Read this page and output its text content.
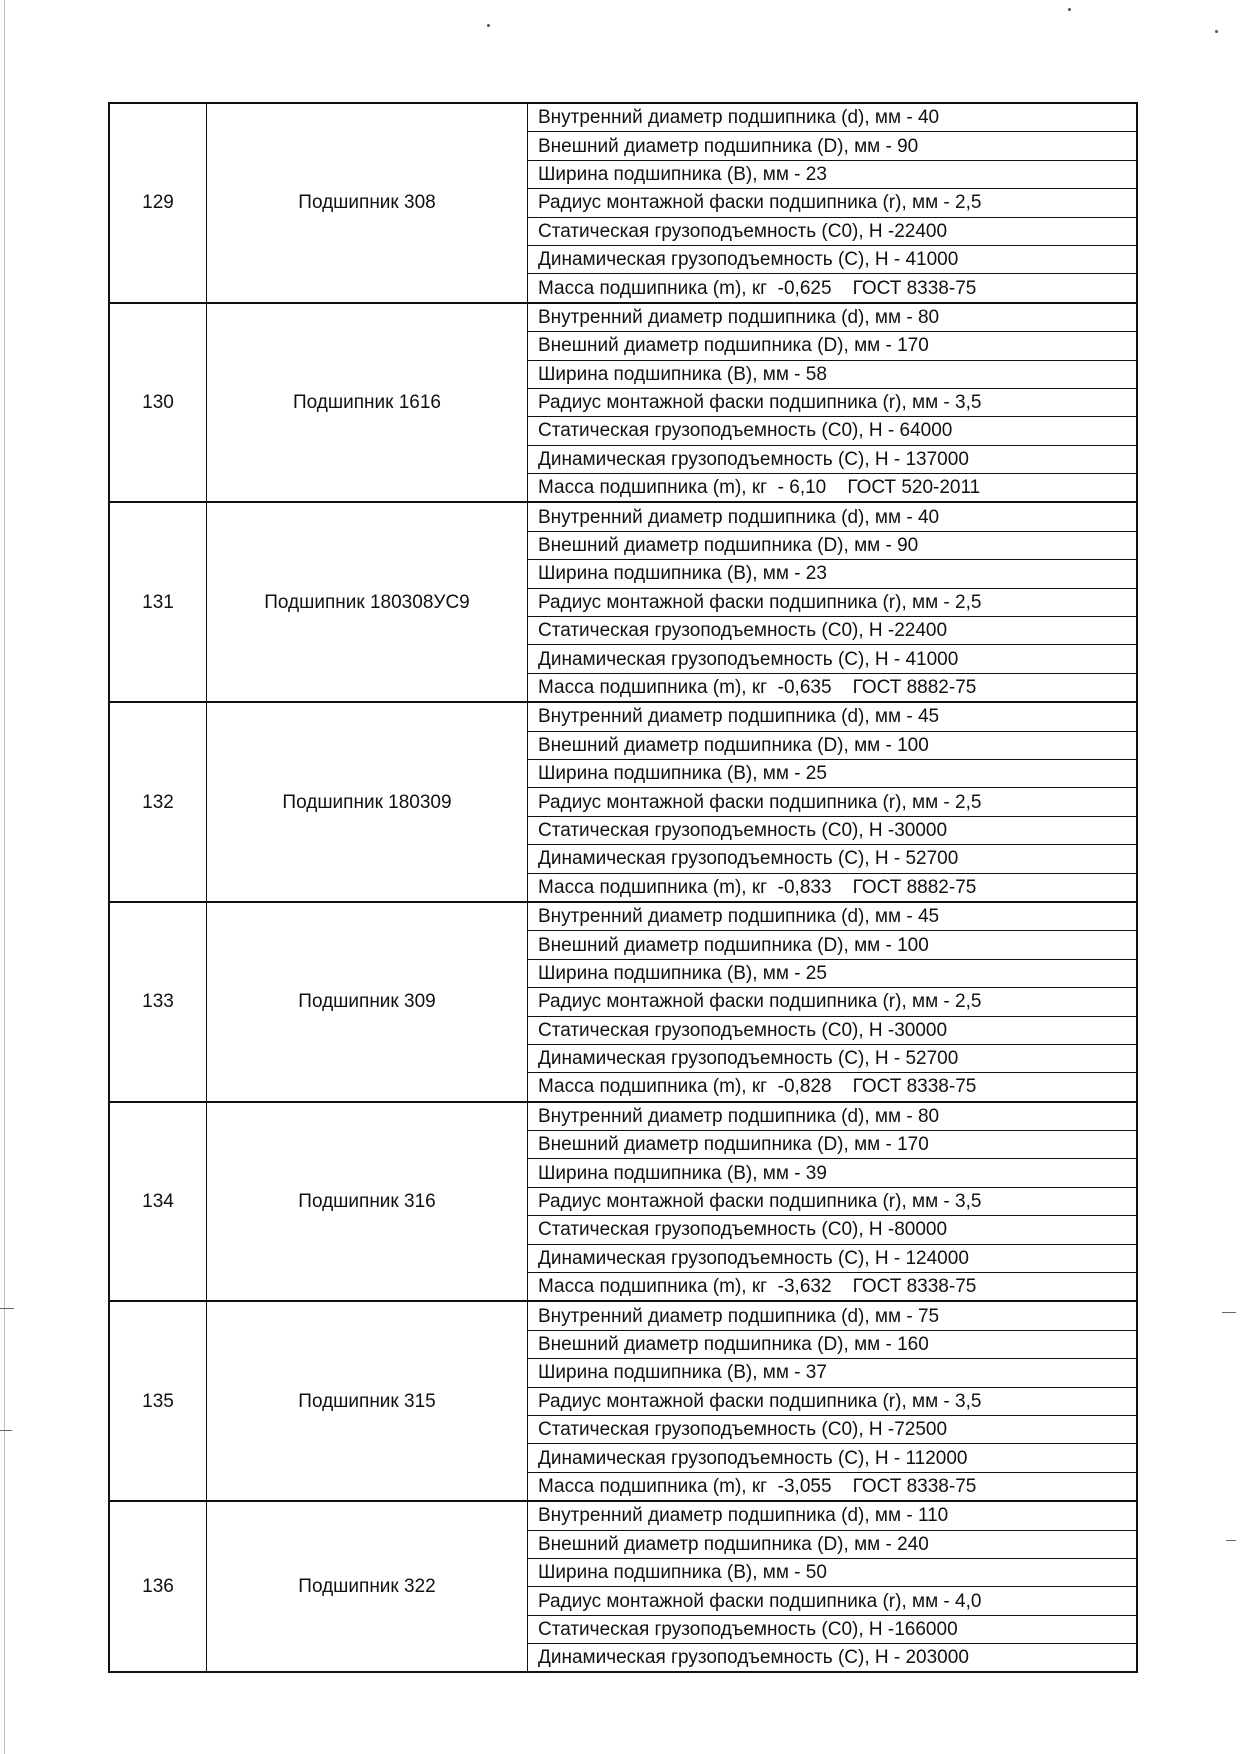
129	Подшипник 308	Внутренний диаметр подшипника (d), мм - 40
		Внешний диаметр подшипника (D), мм - 90
		Ширина подшипника (B), мм - 23
		Радиус монтажной фаски подшипника (r), мм - 2,5
		Статическая грузоподъемность (C0), Н -22400
		Динамическая грузоподъемность (C), Н - 41000
		Масса подшипника (m), кг  -0,625    ГОСТ 8338-75
130	Подшипник 1616	Внутренний диаметр подшипника (d), мм - 80
		Внешний диаметр подшипника (D), мм - 170
		Ширина подшипника (B), мм - 58
		Радиус монтажной фаски подшипника (r), мм - 3,5
		Статическая грузоподъемность (C0), Н - 64000
		Динамическая грузоподъемность (C), Н - 137000
		Масса подшипника (m), кг  - 6,10    ГОСТ 520-2011
131	Подшипник 180308УС9	Внутренний диаметр подшипника (d), мм - 40
		Внешний диаметр подшипника (D), мм - 90
		Ширина подшипника (B), мм - 23
		Радиус монтажной фаски подшипника (r), мм - 2,5
		Статическая грузоподъемность (C0), Н -22400
		Динамическая грузоподъемность (C), Н - 41000
		Масса подшипника (m), кг  -0,635    ГОСТ 8882-75
132	Подшипник 180309	Внутренний диаметр подшипника (d), мм - 45
		Внешний диаметр подшипника (D), мм - 100
		Ширина подшипника (B), мм - 25
		Радиус монтажной фаски подшипника (r), мм - 2,5
		Статическая грузоподъемность (C0), Н -30000
		Динамическая грузоподъемность (C), Н - 52700
		Масса подшипника (m), кг  -0,833    ГОСТ 8882-75
133	Подшипник 309	Внутренний диаметр подшипника (d), мм - 45
		Внешний диаметр подшипника (D), мм - 100
		Ширина подшипника (B), мм - 25
		Радиус монтажной фаски подшипника (r), мм - 2,5
		Статическая грузоподъемность (C0), Н -30000
		Динамическая грузоподъемность (C), Н - 52700
		Масса подшипника (m), кг  -0,828    ГОСТ 8338-75
134	Подшипник 316	Внутренний диаметр подшипника (d), мм - 80
		Внешний диаметр подшипника (D), мм - 170
		Ширина подшипника (B), мм - 39
		Радиус монтажной фаски подшипника (r), мм - 3,5
		Статическая грузоподъемность (C0), Н -80000
		Динамическая грузоподъемность (C), Н - 124000
		Масса подшипника (m), кг  -3,632    ГОСТ 8338-75
135	Подшипник 315	Внутренний диаметр подшипника (d), мм - 75
		Внешний диаметр подшипника (D), мм - 160
		Ширина подшипника (B), мм - 37
		Радиус монтажной фаски подшипника (r), мм - 3,5
		Статическая грузоподъемность (C0), Н -72500
		Динамическая грузоподъемность (C), Н - 112000
		Масса подшипника (m), кг  -3,055    ГОСТ 8338-75
136	Подшипник 322	Внутренний диаметр подшипника (d), мм - 110
		Внешний диаметр подшипника (D), мм - 240
		Ширина подшипника (B), мм - 50
		Радиус монтажной фаски подшипника (r), мм - 4,0
		Статическая грузоподъемность (C0), Н -166000
		Динамическая грузоподъемность (C), Н - 203000
